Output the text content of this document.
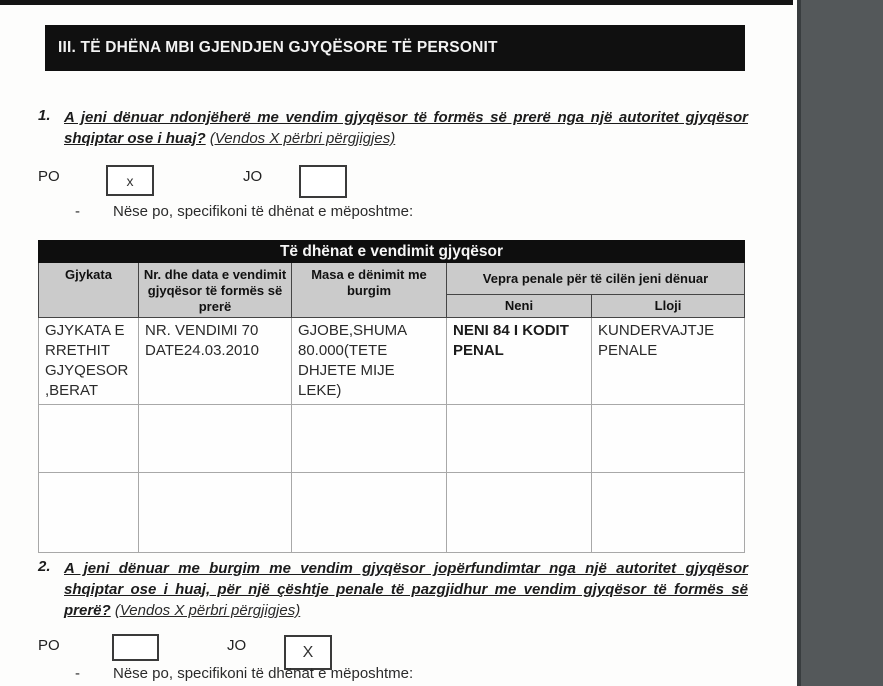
III. TË DHËNA MBI GJENDJEN GJYQËSORE TË PERSONIT
1. A jeni dënuar ndonjëherë me vendim gjyqësor të formës së prerë nga një autoritet gjyqësor shqiptar ose i huaj? (Vendos X përbri përgjigjes)
PO	x	JO
- Nëse po, specifikoni të dhënat e mëposhtme:
Të dhënat e vendimit gjyqësor				
Gjykata	Nr. dhe data e vendimit gjyqësor të formës së prerë	Masa e dënimit me burgim	Vepra penale për të cilën jeni dënuar	
			Neni	Lloji
GJYKATA E RRETHIT GJYQESOR ,BERAT	NR. VENDIMI 70 DATE24.03.2010	GJOBE,SHUMA 80.000(TETE DHJETE MIJE LEKE)	NENI 84 I KODIT PENAL	KUNDERVAJTJE PENALE

2. A jeni dënuar me burgim me vendim gjyqësor jopërfundimtar nga një autoritet gjyqësor shqiptar ose i huaj, për një çështje penale të pazgjidhur me vendim gjyqësor të formës së prerë? (Vendos X përbri përgjigjes)
PO	JO	X
- Nëse po, specifikoni të dhënat e mëposhtme:
